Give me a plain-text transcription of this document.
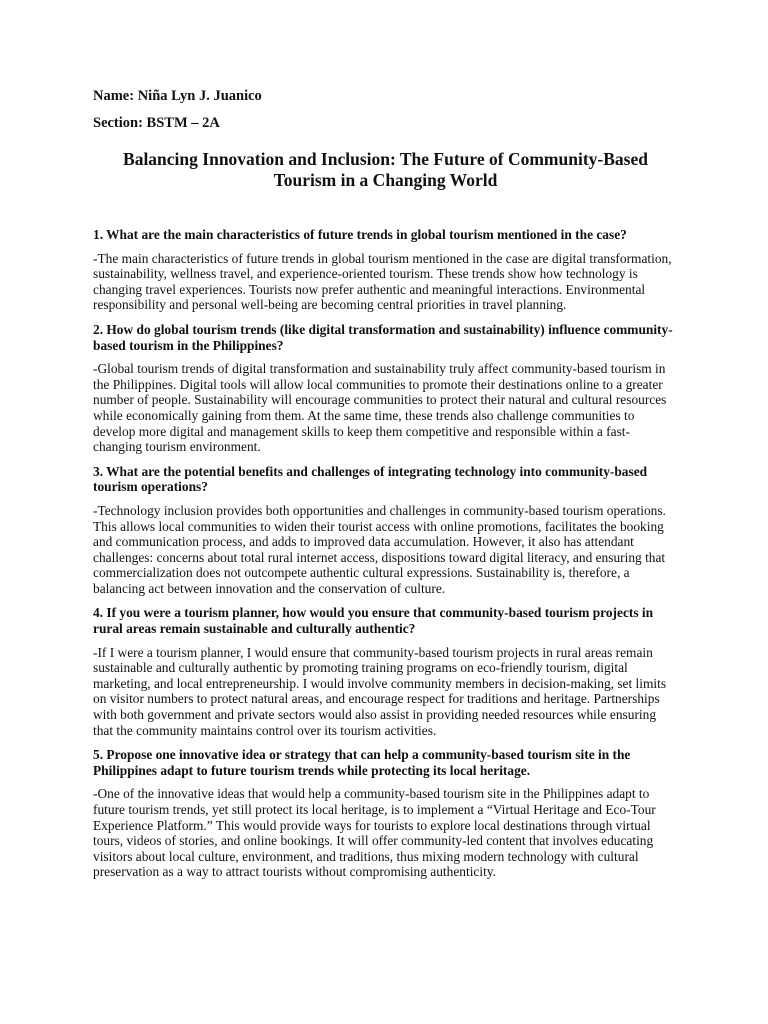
Name: Niña Lyn J. Juanico

Section: BSTM – 2A

Balancing Innovation and Inclusion: The Future of Community-Based Tourism in a Changing World

1. What are the main characteristics of future trends in global tourism mentioned in the case?

-The main characteristics of future trends in global tourism mentioned in the case are digital transformation, sustainability, wellness travel, and experience-oriented tourism. These trends show how technology is changing travel experiences. Tourists now prefer authentic and meaningful interactions. Environmental responsibility and personal well-being are becoming central priorities in travel planning.

2. How do global tourism trends (like digital transformation and sustainability) influence community-based tourism in the Philippines?

-Global tourism trends of digital transformation and sustainability truly affect community-based tourism in the Philippines. Digital tools will allow local communities to promote their destinations online to a greater number of people. Sustainability will encourage communities to protect their natural and cultural resources while economically gaining from them. At the same time, these trends also challenge communities to develop more digital and management skills to keep them competitive and responsible within a fast-changing tourism environment.

3. What are the potential benefits and challenges of integrating technology into community-based tourism operations?

-Technology inclusion provides both opportunities and challenges in community-based tourism operations. This allows local communities to widen their tourist access with online promotions, facilitates the booking and communication process, and adds to improved data accumulation. However, it also has attendant challenges: concerns about total rural internet access, dispositions toward digital literacy, and ensuring that commercialization does not outcompete authentic cultural expressions. Sustainability is, therefore, a balancing act between innovation and the conservation of culture.

4. If you were a tourism planner, how would you ensure that community-based tourism projects in rural areas remain sustainable and culturally authentic?

-If I were a tourism planner, I would ensure that community-based tourism projects in rural areas remain sustainable and culturally authentic by promoting training programs on eco-friendly tourism, digital marketing, and local entrepreneurship. I would involve community members in decision-making, set limits on visitor numbers to protect natural areas, and encourage respect for traditions and heritage. Partnerships with both government and private sectors would also assist in providing needed resources while ensuring that the community maintains control over its tourism activities.

5. Propose one innovative idea or strategy that can help a community-based tourism site in the Philippines adapt to future tourism trends while protecting its local heritage.

-One of the innovative ideas that would help a community-based tourism site in the Philippines adapt to future tourism trends, yet still protect its local heritage, is to implement a “Virtual Heritage and Eco-Tour Experience Platform.” This would provide ways for tourists to explore local destinations through virtual tours, videos of stories, and online bookings. It will offer community-led content that involves educating visitors about local culture, environment, and traditions, thus mixing modern technology with cultural preservation as a way to attract tourists without compromising authenticity.
